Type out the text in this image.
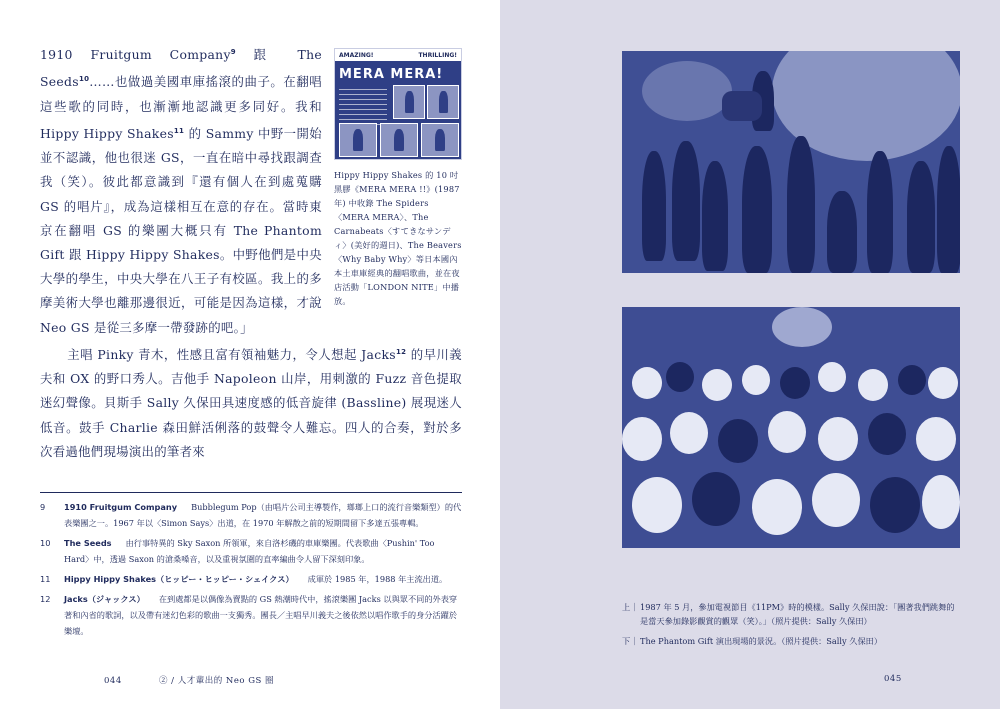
AMAZING!	THRILLING!
MERA MERA!

Hippy Hippy Shakes 的 10 吋黑膠《MERA MERA !!》(1987 年) 中收錄 The Spiders〈MERA MERA〉、The Carnabeats〈すてきなサンディ〉(美好的週日)、The Beavers〈Why Baby Why〉等日本國內本土車庫經典的翻唱歌曲，並在夜店活動「LONDON NITE」中播放。

1910 Fruitgum Company$^9$ 跟 The Seeds$^{10}$……也做過美國車庫搖滾的曲子。在翻唱這些歌的同時，也漸漸地認識更多同好。我和 Hippy Hippy Shakes$^{11}$ 的 Sammy 中野一開始並不認識，他也很迷 GS，一直在暗中尋找跟調查我（笑）。彼此都意識到『還有個人在到處蒐購 GS 的唱片』，成為這樣相互在意的存在。當時東京在翻唱 GS 的樂團大概只有 The Phantom Gift 跟 Hippy Hippy Shakes。中野他們是中央大學的學生，中央大學在八王子有校區。我上的多摩美術大學也離那邊很近，可能是因為這樣，才說 Neo GS 是從三多摩一帶發跡的吧。」

主唱 Pinky 青木，性感且富有領袖魅力，令人想起 Jacks$^{12}$ 的早川義夫和 OX 的野口秀人。吉他手 Napoleon 山岸，用刺激的 Fuzz 音色提取迷幻聲像。貝斯手 Sally 久保田具速度感的低音旋律 (Bassline) 展現迷人低音。鼓手 Charlie 森田鮮活俐落的鼓聲令人難忘。四人的合奏，對於多次看過他們現場演出的筆者來

9	1910 Fruitgum Company Bubblegum Pop（由唱片公司主導製作，瑯瑯上口的流行音樂類型）的代表樂團之一。1967 年以〈Simon Says〉出道，在 1970 年解散之前的短期間留下多達五張專輯。
10	The Seeds 由行事特異的 Sky Saxon 所領軍，來自洛杉磯的車庫樂團。代表歌曲〈Pushin' Too Hard〉中，透過 Saxon 的滄桑嗓音，以及重視氛圍的直率編曲令人留下深刻印象。
11	Hippy Hippy Shakes（ヒッピー・ヒッピー・シェイクス） 成軍於 1985 年，1988 年主流出道。
12	Jacks（ジャックス） 在到處都是以偶像為賣點的 GS 熱潮時代中，搖滾樂團 Jacks 以與眾不同的外表穿著和內省的歌詞，以及帶有迷幻色彩的歌曲一支獨秀。團長／主唱早川義夫之後依然以唱作歌手的身分活躍於樂壇。
044	② / 人才輩出的 Neo GS 圈
上｜ 1987 年 5 月，參加電視節目《11PM》時的模樣。Sally 久保田說：「團著我們跳舞的是當天參加錄影觀賞的觀眾（笑）。」（照片提供：Sally 久保田）
下｜ The Phantom Gift 演出現場的景況。（照片提供：Sally 久保田）
045
